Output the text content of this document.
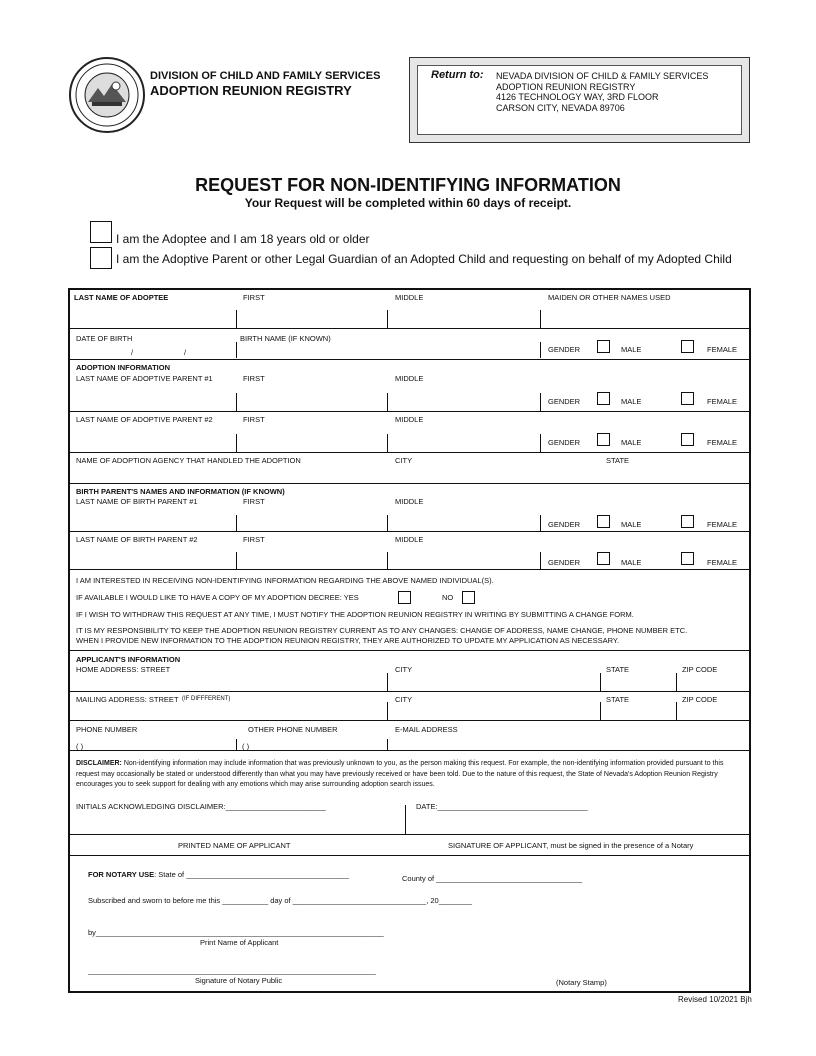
DIVISION OF CHILD AND FAMILY SERVICES
ADOPTION REUNION REGISTRY
Return to: NEVADA DIVISION OF CHILD & FAMILY SERVICES
ADOPTION REUNION REGISTRY
4126 TECHNOLOGY WAY, 3RD FLOOR
CARSON CITY, NEVADA 89706
REQUEST FOR NON-IDENTIFYING INFORMATION
Your Request will be completed within 60 days of receipt.
I am the Adoptee and I am 18 years old or older
I am the Adoptive Parent or other Legal Guardian of an Adopted Child and requesting on behalf of my Adopted Child
LAST NAME OF ADOPTEE	FIRST	MIDDLE	MAIDEN OR OTHER NAMES USED
DATE OF BIRTH
/	/
BIRTH NAME (IF KNOWN)
GENDER	MALE	FEMALE
ADOPTION INFORMATION
LAST NAME OF ADOPTIVE PARENT #1	FIRST	MIDDLE
GENDER	MALE	FEMALE
LAST NAME OF ADOPTIVE PARENT #2	FIRST	MIDDLE
GENDER	MALE	FEMALE
NAME OF ADOPTION AGENCY THAT HANDLED THE ADOPTION	CITY	STATE
BIRTH PARENT'S NAMES AND INFORMATION (IF KNOWN)
LAST NAME OF BIRTH PARENT #1	FIRST	MIDDLE
GENDER	MALE	FEMALE
LAST NAME OF BIRTH PARENT #2	FIRST	MIDDLE
GENDER	MALE	FEMALE
I AM INTERESTED IN RECEIVING NON-IDENTIFYING INFORMATION REGARDING THE ABOVE NAMED INDIVIDUAL(S).
IF AVAILABLE I WOULD LIKE TO HAVE A COPY OF MY ADOPTION DECREE: YES	NO
IF I WISH TO WITHDRAW THIS REQUEST AT ANY TIME, I MUST NOTIFY THE ADOPTION REUNION REGISTRY IN WRITING BY SUBMITTING A CHANGE FORM.
IT IS MY RESPONSIBILITY TO KEEP THE ADOPTION REUNION REGISTRY CURRENT AS TO ANY CHANGES: CHANGE OF ADDRESS, NAME CHANGE, PHONE NUMBER ETC.
WHEN I PROVIDE NEW INFORMATION TO THE ADOPTION REUNION REGISTRY, THEY ARE AUTHORIZED TO UPDATE MY APPLICATION AS NECESSARY.
APPLICANT'S INFORMATION
HOME ADDRESS: STREET	CITY	STATE	ZIP CODE
MAILING ADDRESS: STREET (IF DIFFFERENT)	CITY	STATE	ZIP CODE
PHONE NUMBER
( )
OTHER PHONE NUMBER
( )
E-MAIL ADDRESS
DISCLAIMER: Non-identifying information may include information that was previously unknown to you, as the person making this request. For example, the non-identifying information provided pursuant to this request may occasionally be stated or understood differently than what you may have previously received or have been told. Due to the nature of this request, the State of Nevada's Adoption Reunion Registry encourages you to seek support for dealing with any emotions which may arise surrounding adoption search issues.
INITIALS ACKNOWLEDGING DISCLAIMER:________________________	DATE:____________________________________
PRINTED NAME OF APPLICANT	SIGNATURE OF APPLICANT, must be signed in the presence of a Notary
FOR NOTARY USE: State of _______________________________________	County of ___________________________________
Subscribed and sworn to before me this ___________ day of ________________________________, 20________
by_____________________________________________________________________
Print Name of Applicant
_____________________________________________________________________
Signature of Notary Public	(Notary Stamp)
Revised 10/2021 Bjh
